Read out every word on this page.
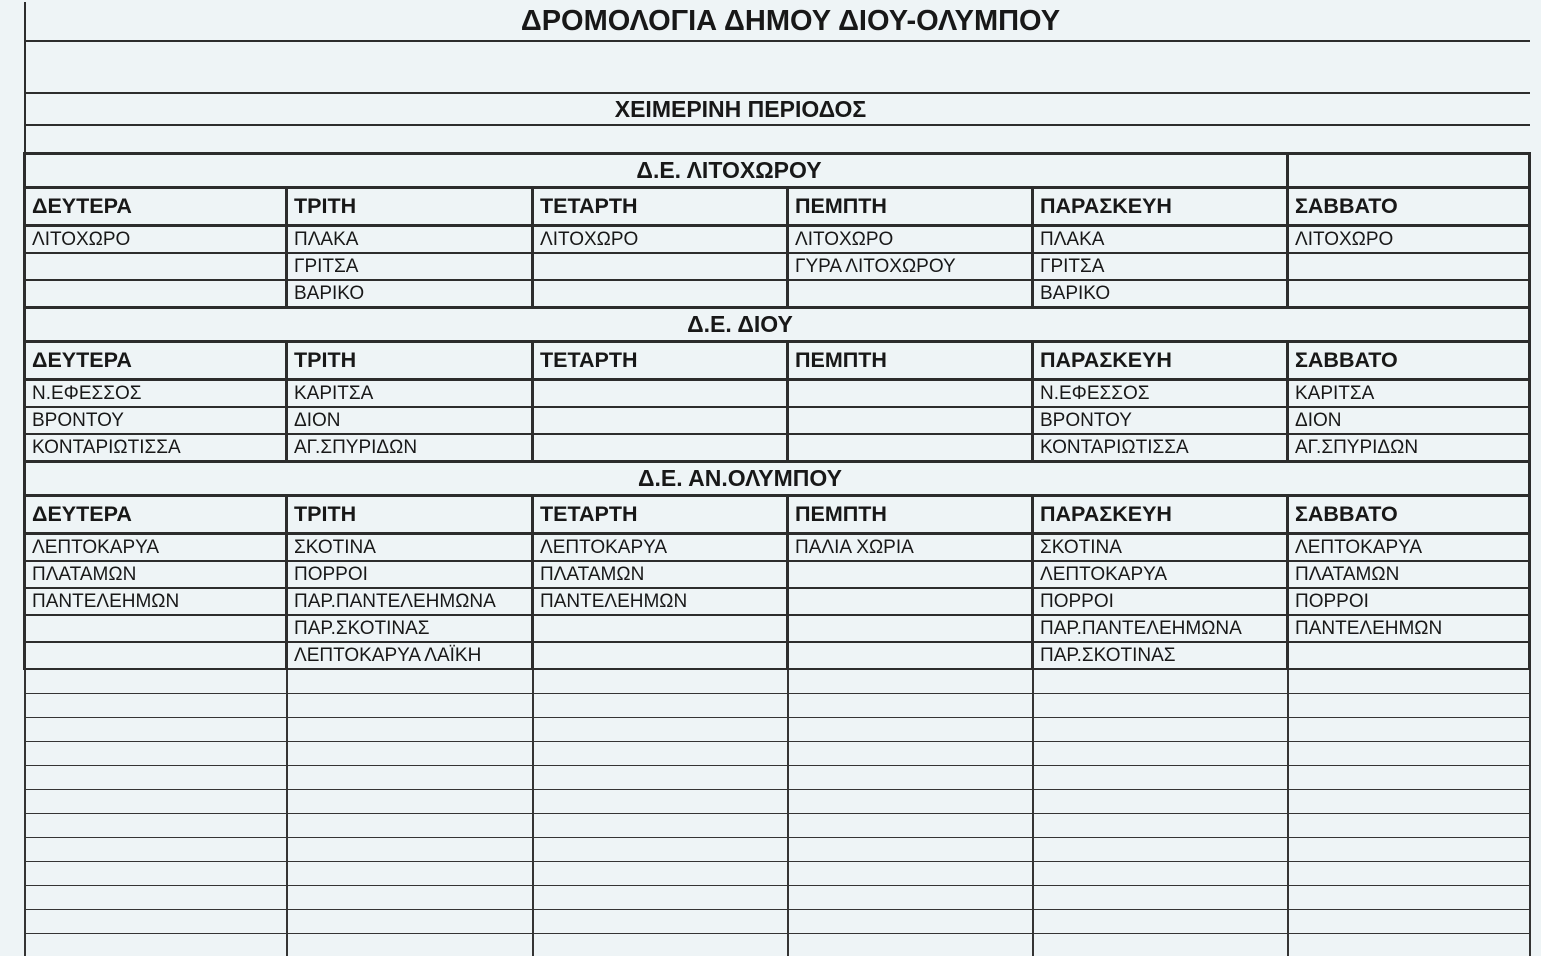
ΔΡΟΜΟΛΟΓΙΑ ΔΗΜΟΥ ΔΙΟΥ-ΟΛΥΜΠΟΥ					

ΧΕΙΜΕΡΙΝΗ ΠΕΡΙΟΔΟΣ					

Δ.Ε. ΛΙΤΟΧΩΡΟΥ					
ΔΕΥΤΕΡΑ	ΤΡΙΤΗ	ΤΕΤΑΡΤΗ	ΠΕΜΠΤΗ	ΠΑΡΑΣΚΕΥΗ	ΣΑΒΒΑΤΟ
ΛΙΤΟΧΩΡΟ	ΠΛΑΚΑ	ΛΙΤΟΧΩΡΟ	ΛΙΤΟΧΩΡΟ	ΠΛΑΚΑ	ΛΙΤΟΧΩΡΟ
	ΓΡΙΤΣΑ		ΓΥΡΑ ΛΙΤΟΧΩΡΟΥ	ΓΡΙΤΣΑ	
	ΒΑΡΙΚΟ			ΒΑΡΙΚΟ	
Δ.Ε. ΔΙΟΥ					
ΔΕΥΤΕΡΑ	ΤΡΙΤΗ	ΤΕΤΑΡΤΗ	ΠΕΜΠΤΗ	ΠΑΡΑΣΚΕΥΗ	ΣΑΒΒΑΤΟ
Ν.ΕΦΕΣΣΟΣ	ΚΑΡΙΤΣΑ			Ν.ΕΦΕΣΣΟΣ	ΚΑΡΙΤΣΑ
ΒΡΟΝΤΟΥ	ΔΙΟΝ			ΒΡΟΝΤΟΥ	ΔΙΟΝ
ΚΟΝΤΑΡΙΩΤΙΣΣΑ	ΑΓ.ΣΠΥΡΙΔΩΝ			ΚΟΝΤΑΡΙΩΤΙΣΣΑ	ΑΓ.ΣΠΥΡΙΔΩΝ
Δ.Ε. ΑΝ.ΟΛΥΜΠΟΥ					
ΔΕΥΤΕΡΑ	ΤΡΙΤΗ	ΤΕΤΑΡΤΗ	ΠΕΜΠΤΗ	ΠΑΡΑΣΚΕΥΗ	ΣΑΒΒΑΤΟ
ΛΕΠΤΟΚΑΡΥΑ	ΣΚΟΤΙΝΑ	ΛΕΠΤΟΚΑΡΥΑ	ΠΑΛΙΑ ΧΩΡΙΑ	ΣΚΟΤΙΝΑ	ΛΕΠΤΟΚΑΡΥΑ
ΠΛΑΤΑΜΩΝ	ΠΟΡΡΟΙ	ΠΛΑΤΑΜΩΝ		ΛΕΠΤΟΚΑΡΥΑ	ΠΛΑΤΑΜΩΝ
ΠΑΝΤΕΛΕΗΜΩΝ	ΠΑΡ.ΠΑΝΤΕΛΕΗΜΩΝΑ	ΠΑΝΤΕΛΕΗΜΩΝ		ΠΟΡΡΟΙ	ΠΟΡΡΟΙ
	ΠΑΡ.ΣΚΟΤΙΝΑΣ			ΠΑΡ.ΠΑΝΤΕΛΕΗΜΩΝΑ	ΠΑΝΤΕΛΕΗΜΩΝ
	ΛΕΠΤΟΚΑΡΥΑ ΛΑΪΚΗ			ΠΑΡ.ΣΚΟΤΙΝΑΣ	
